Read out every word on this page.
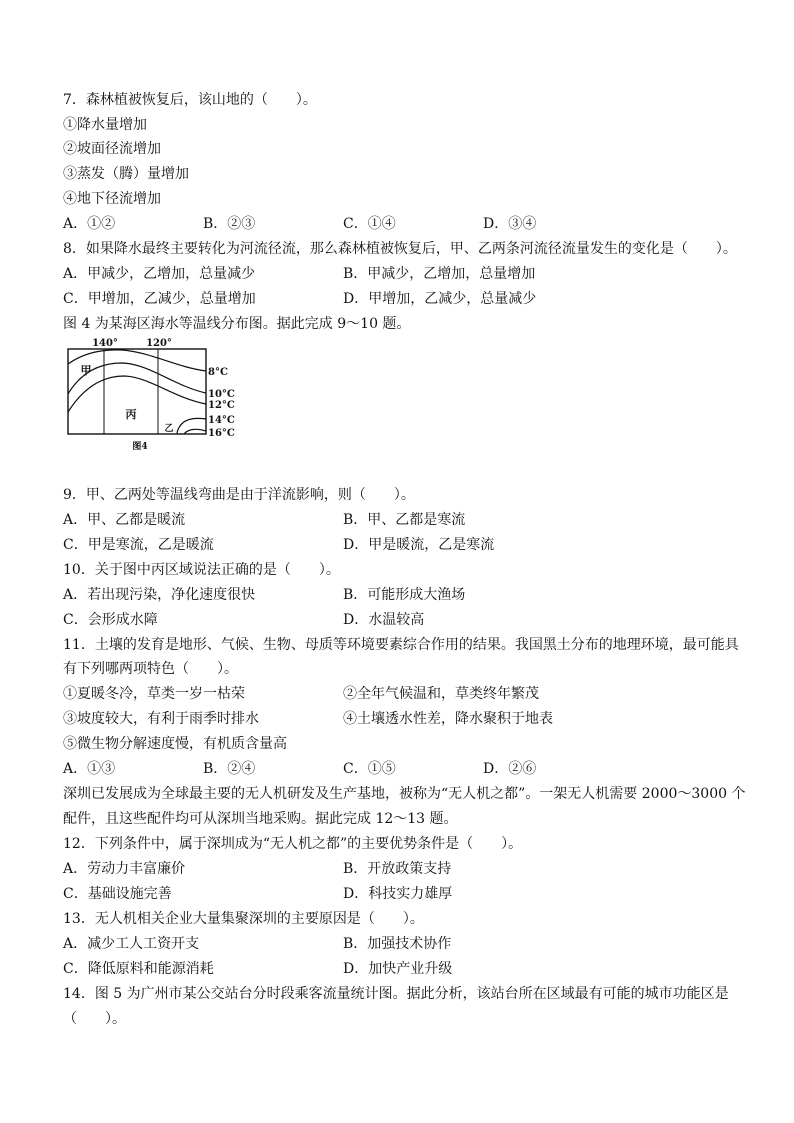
7．森林植被恢复后，该山地的（　　）。
①降水量增加
②坡面径流增加
③蒸发（腾）量增加
④地下径流增加
A．①②	B．②③	C．①④	D．③④
8．如果降水最终主要转化为河流径流，那么森林植被恢复后，甲、乙两条河流径流量发生的变化是（　　）。
A．甲减少，乙增加，总量减少	B．甲减少，乙增加，总量增加
C．甲增加，乙减少，总量增加	D．甲增加，乙减少，总量减少
图 4 为某海区海水等温线分布图。据此完成 9～10 题。
140°	120°
甲
乙
丙
8°C
10°C
12°C
14°C
16°C
图4
9．甲、乙两处等温线弯曲是由于洋流影响，则（　　）。
A．甲、乙都是暖流	B．甲、乙都是寒流
C．甲是寒流，乙是暖流	D．甲是暖流，乙是寒流
10．关于图中丙区域说法正确的是（　　）。
A．若出现污染，净化速度很快	B．可能形成大渔场
C．会形成水障	D．水温较高
11．土壤的发育是地形、气候、生物、母质等环境要素综合作用的结果。我国黑土分布的地理环境，最可能具
有下列哪两项特色（　　）。
①夏暖冬冷，草类一岁一枯荣	②全年气候温和，草类终年繁茂
③坡度较大，有利于雨季时排水	④土壤透水性差，降水聚积于地表
⑤微生物分解速度慢，有机质含量高
A．①③	B．②④	C．①⑤	D．②⑥
深圳已发展成为全球最主要的无人机研发及生产基地，被称为“无人机之都”。一架无人机需要 2000～3000 个
配件，且这些配件均可从深圳当地采购。据此完成 12～13 题。
12．下列条件中，属于深圳成为“无人机之都”的主要优势条件是（　　）。
A．劳动力丰富廉价	B．开放政策支持
C．基础设施完善	D．科技实力雄厚
13．无人机相关企业大量集聚深圳的主要原因是（　　）。
A．减少工人工资开支	B．加强技术协作
C．降低原料和能源消耗	D．加快产业升级
14．图 5 为广州市某公交站台分时段乘客流量统计图。据此分析，该站台所在区域最有可能的城市功能区是
（　　）。
